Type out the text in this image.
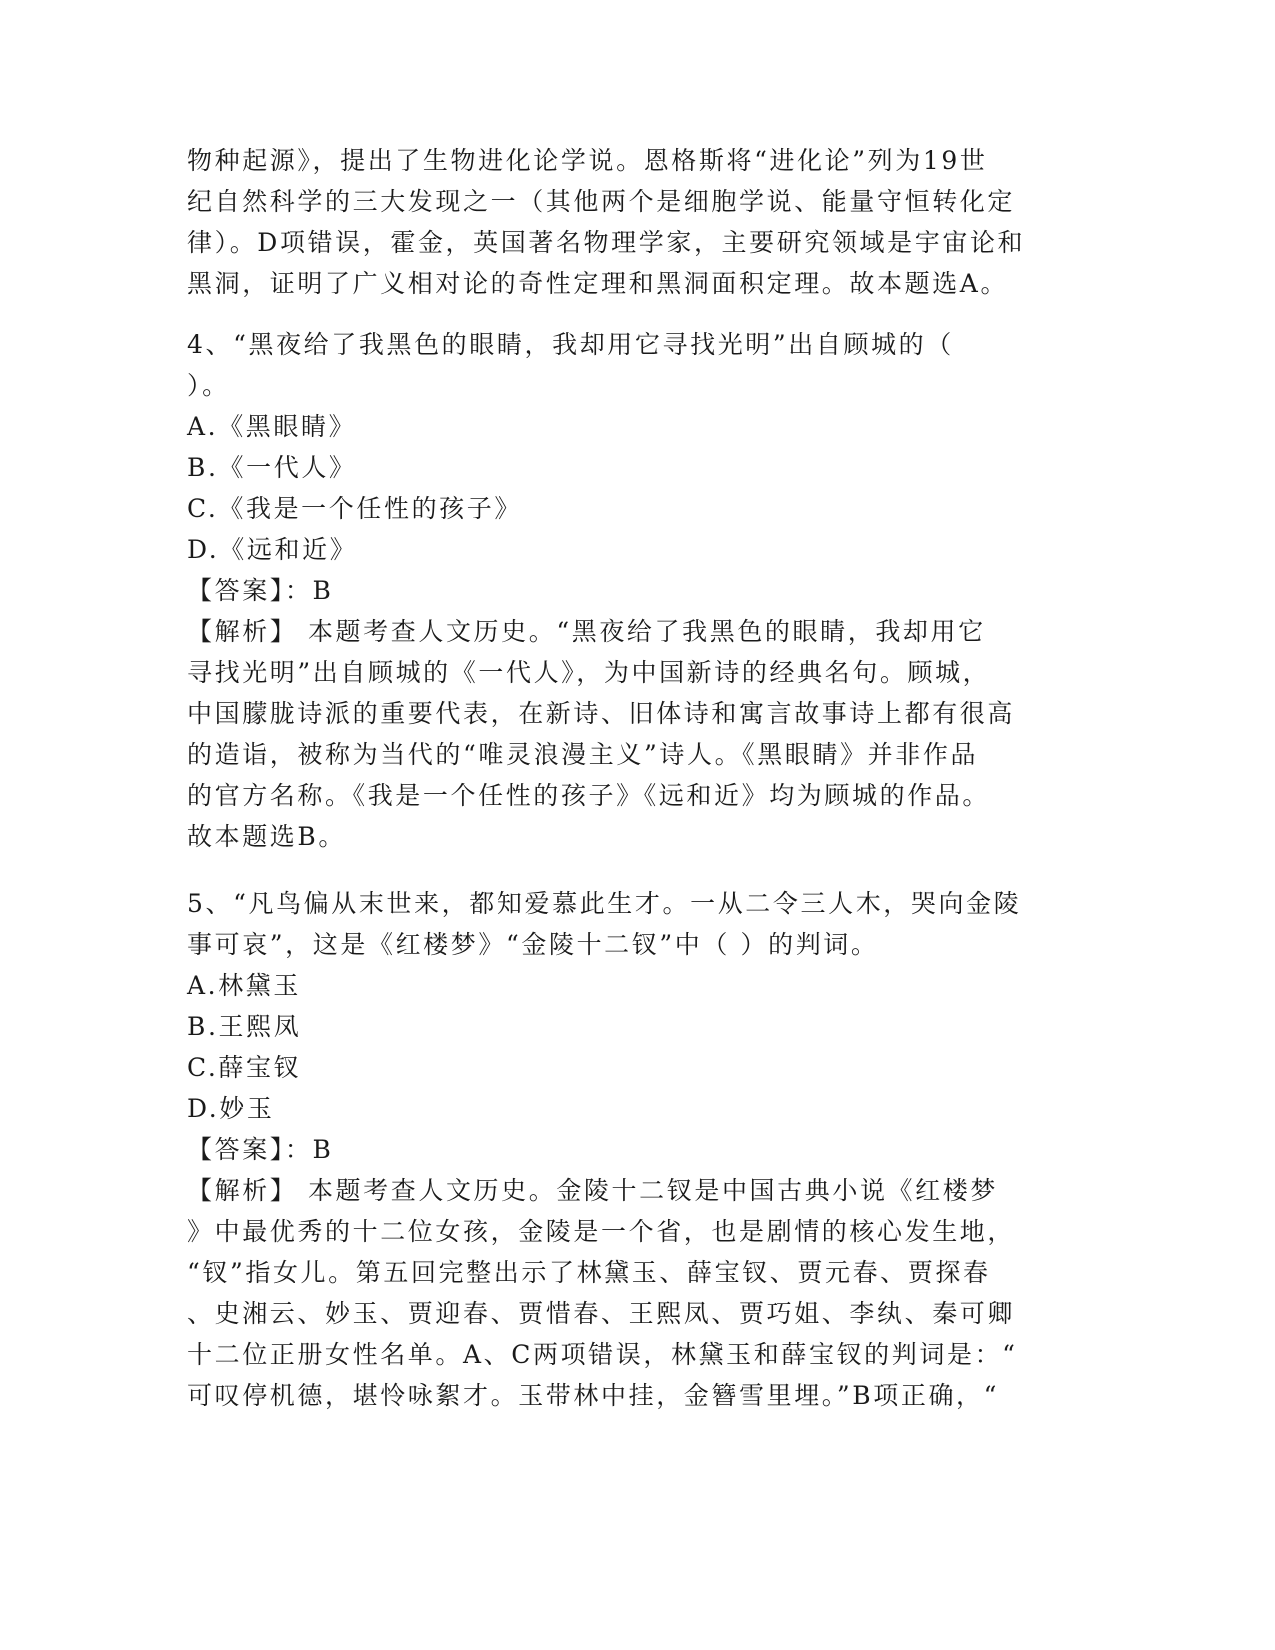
物种起源》，提出了生物进化论学说。恩格斯将“进化论”列为19世

纪自然科学的三大发现之一（其他两个是细胞学说、能量守恒转化定

律）。D项错误，霍金，英国著名物理学家，主要研究领域是宇宙论和

黑洞，证明了广义相对论的奇性定理和黑洞面积定理。故本题选A。

4、“黑夜给了我黑色的眼睛，我却用它寻找光明”出自顾城的（

）。

A.《黑眼睛》

B.《一代人》

C.《我是一个任性的孩子》

D.《远和近》

【答案】：B

【解析】 本题考查人文历史。“黑夜给了我黑色的眼睛，我却用它

寻找光明”出自顾城的《一代人》，为中国新诗的经典名句。顾城，

中国朦胧诗派的重要代表，在新诗、旧体诗和寓言故事诗上都有很高

的造诣，被称为当代的“唯灵浪漫主义”诗人。《黑眼睛》并非作品

的官方名称。《我是一个任性的孩子》《远和近》均为顾城的作品。

故本题选B。

5、“凡鸟偏从末世来，都知爱慕此生才。一从二令三人木，哭向金陵

事可哀”，这是《红楼梦》“金陵十二钗”中（ ）的判词。

A.林黛玉

B.王熙凤

C.薛宝钗

D.妙玉

【答案】：B

【解析】 本题考查人文历史。金陵十二钗是中国古典小说《红楼梦

》中最优秀的十二位女孩，金陵是一个省，也是剧情的核心发生地，

“钗”指女儿。第五回完整出示了林黛玉、薛宝钗、贾元春、贾探春

、史湘云、妙玉、贾迎春、贾惜春、王熙凤、贾巧姐、李纨、秦可卿

十二位正册女性名单。A、C两项错误，林黛玉和薛宝钗的判词是：“

可叹停机德，堪怜咏絮才。玉带林中挂，金簪雪里埋。”B项正确，“
